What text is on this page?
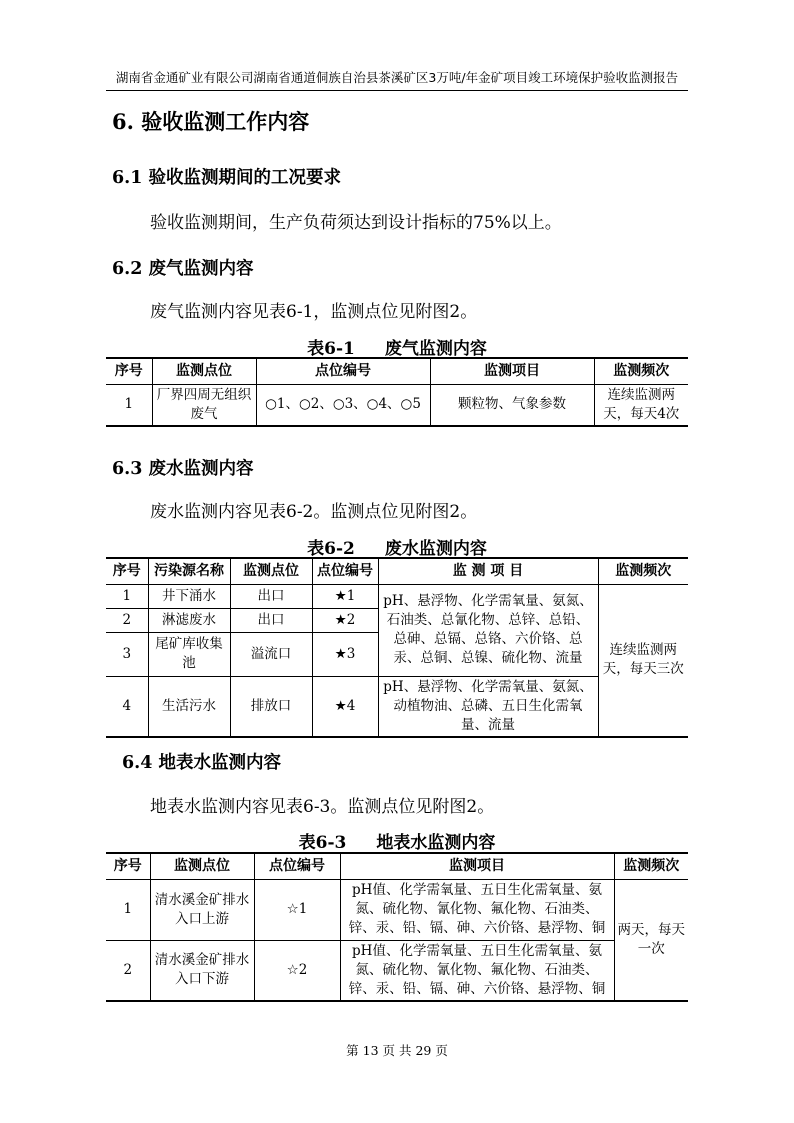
湖南省金通矿业有限公司湖南省通道侗族自治县茶溪矿区3万吨/年金矿项目竣工环境保护验收监测报告
6. 验收监测工作内容
6.1 验收监测期间的工况要求
验收监测期间，生产负荷须达到设计指标的75%以上。
6.2 废气监测内容
废气监测内容见表6-1，监测点位见附图2。
表6-1 废气监测内容
序号	监测点位	点位编号	监测项目	监测频次
1	厂界四周无组织废气	○1、○2、○3、○4、○5	颗粒物、气象参数	连续监测两天，每天4次
6.3 废水监测内容
废水监测内容见表6-2。监测点位见附图2。
表6-2 废水监测内容
序号	污染源名称	监测点位	点位编号	监 测 项 目	监测频次
1	井下涌水	出口	★1	pH、悬浮物、化学需氧量、氨氮、石油类、总氰化物、总锌、总铅、总砷、总镉、总铬、六价铬、总汞、总铜、总镍、硫化物、流量	连续监测两天，每天三次
2	淋滤废水	出口	★2		
3	尾矿库收集池	溢流口	★3		
4	生活污水	排放口	★4	pH、悬浮物、化学需氧量、氨氮、动植物油、总磷、五日生化需氧量、流量	
6.4 地表水监测内容
地表水监测内容见表6-3。监测点位见附图2。
表6-3 地表水监测内容
序号	监测点位	点位编号	监测项目	监测频次
1	清水溪金矿排水入口上游	☆1	pH值、化学需氧量、五日生化需氧量、氨氮、硫化物、氰化物、氟化物、石油类、锌、汞、铅、镉、砷、六价铬、悬浮物、铜	两天，每天一次
2	清水溪金矿排水入口下游	☆2	pH值、化学需氧量、五日生化需氧量、氨氮、硫化物、氰化物、氟化物、石油类、锌、汞、铅、镉、砷、六价铬、悬浮物、铜	
第 13 页 共 29 页
